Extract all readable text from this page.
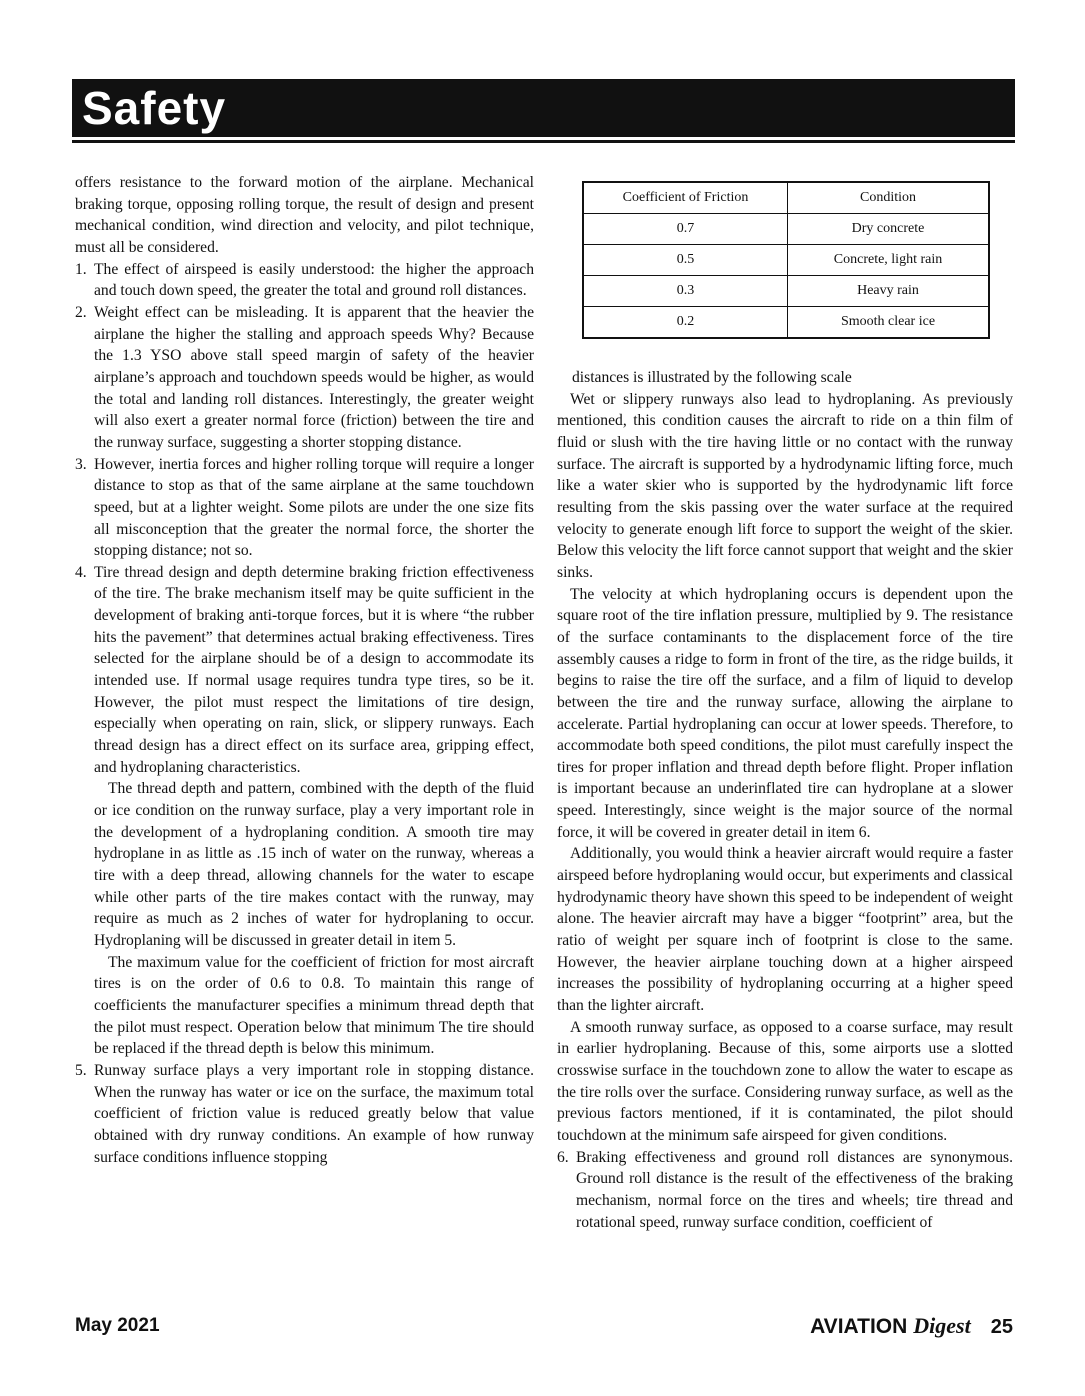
Safety

offers resistance to the forward motion of the airplane. Mechanical braking torque, opposing rolling torque, the result of design and present mechanical condition, wind direction and velocity, and pilot technique, must all be considered.

1. The effect of airspeed is easily understood: the higher the approach and touch down speed, the greater the total and ground roll distances.
2. Weight effect can be misleading. It is apparent that the heavier the airplane the higher the stalling and approach speeds Why? Because the 1.3 YSO above stall speed margin of safety of the heavier airplane’s approach and touchdown speeds would be higher, as would the total and landing roll distances. Interestingly, the greater weight will also exert a greater normal force (friction) between the tire and the runway surface, suggesting a shorter stopping distance.
3. However, inertia forces and higher rolling torque will require a longer distance to stop as that of the same airplane at the same touchdown speed, but at a lighter weight. Some pilots are under the one size fits all misconception that the greater the normal force, the shorter the stopping distance; not so.
4. Tire thread design and depth determine braking friction effectiveness of the tire. The brake mechanism itself may be quite sufficient in the development of braking anti-torque forces, but it is where “the rubber hits the pavement” that determines actual braking effectiveness. Tires selected for the airplane should be of a design to accommodate its intended use. If normal usage requires tundra type tires, so be it. However, the pilot must respect the limitations of tire design, especially when operating on rain, slick, or slippery runways. Each thread design has a direct effect on its surface area, gripping effect, and hydroplaning characteristics.

The thread depth and pattern, combined with the depth of the fluid or ice condition on the runway surface, play a very important role in the development of a hydroplaning condition. A smooth tire may hydroplane in as little as .15 inch of water on the runway, whereas a tire with a deep thread, allowing channels for the water to escape while other parts of the tire makes contact with the runway, may require as much as 2 inches of water for hydroplaning to occur. Hydroplaning will be discussed in greater detail in item 5.

The maximum value for the coefficient of friction for most aircraft tires is on the order of 0.6 to 0.8. To maintain this range of coefficients the manufacturer specifies a minimum thread depth that the pilot must respect. Operation below that minimum The tire should be replaced if the thread depth is below this minimum.

5. Runway surface plays a very important role in stopping distance. When the runway has water or ice on the surface, the maximum total coefficient of friction value is reduced greatly below that value obtained with dry runway conditions. An example of how runway surface conditions influence stopping
Coefficient of Friction	Condition
0.7	Dry concrete
0.5	Concrete, light rain
0.3	Heavy rain
0.2	Smooth clear ice

distances is illustrated by the following scale

Wet or slippery runways also lead to hydroplaning. As previously mentioned, this condition causes the aircraft to ride on a thin film of fluid or slush with the tire having little or no contact with the runway surface. The aircraft is supported by a hydrodynamic lifting force, much like a water skier who is supported by the hydrodynamic lift force resulting from the skis passing over the water surface at the required velocity to generate enough lift force to support the weight of the skier. Below this velocity the lift force cannot support that weight and the skier sinks.

The velocity at which hydroplaning occurs is dependent upon the square root of the tire inflation pressure, multiplied by 9. The resistance of the surface contaminants to the displacement force of the tire assembly causes a ridge to form in front of the tire, as the ridge builds, it begins to raise the tire off the surface, and a film of liquid to develop between the tire and the runway surface, allowing the airplane to accelerate. Partial hydroplaning can occur at lower speeds. Therefore, to accommodate both speed conditions, the pilot must carefully inspect the tires for proper inflation and thread depth before flight. Proper inflation is important because an underinflated tire can hydroplane at a slower speed. Interestingly, since weight is the major source of the normal force, it will be covered in greater detail in item 6.

Additionally, you would think a heavier aircraft would require a faster airspeed before hydroplaning would occur, but experiments and classical hydrodynamic theory have shown this speed to be independent of weight alone. The heavier aircraft may have a bigger “footprint” area, but the ratio of weight per square inch of footprint is close to the same. However, the heavier airplane touching down at a higher airspeed increases the possibility of hydroplaning occurring at a higher speed than the lighter aircraft.

A smooth runway surface, as opposed to a coarse surface, may result in earlier hydroplaning. Because of this, some airports use a slotted crosswise surface in the touchdown zone to allow the water to escape as the tire rolls over the surface. Considering runway surface, as well as the previous factors mentioned, if it is contaminated, the pilot should touchdown at the minimum safe airspeed for given conditions.

6. Braking effectiveness and ground roll distances are synonymous. Ground roll distance is the result of the effectiveness of the braking mechanism, normal force on the tires and wheels; tire thread and rotational speed, runway surface condition, coefficient of
May 2021	AVIATION Digest 25
